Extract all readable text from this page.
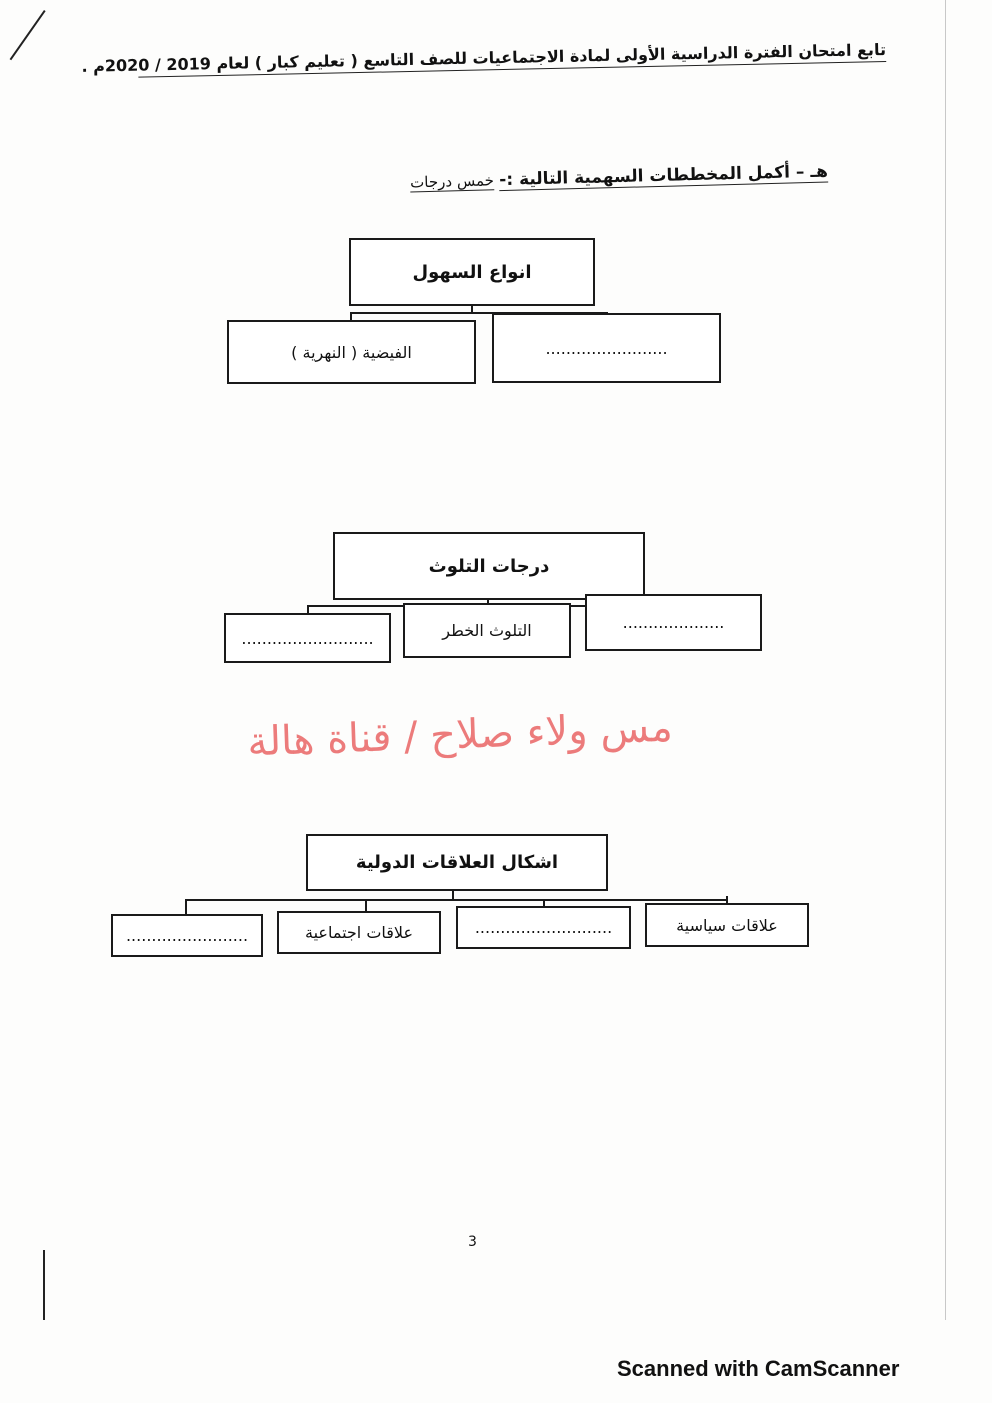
تابع امتحان الفترة الدراسية الأولى لمادة الاجتماعيات للصف التاسع ( تعليم كبار ) لعام 2019 / 2020م .
هـ – أكمل المخططات السهمية التالية :- خمس درجات
انواع السهول
الفيضية ( النهرية )	........................
درجات التلوث
..........................	التلوث الخطر	....................
مس ولاء صلاح / قناة هالة
اشكال العلاقات الدولية
........................	علاقات اجتماعية	...........................	علاقات سياسية
3
Scanned with CamScanner
